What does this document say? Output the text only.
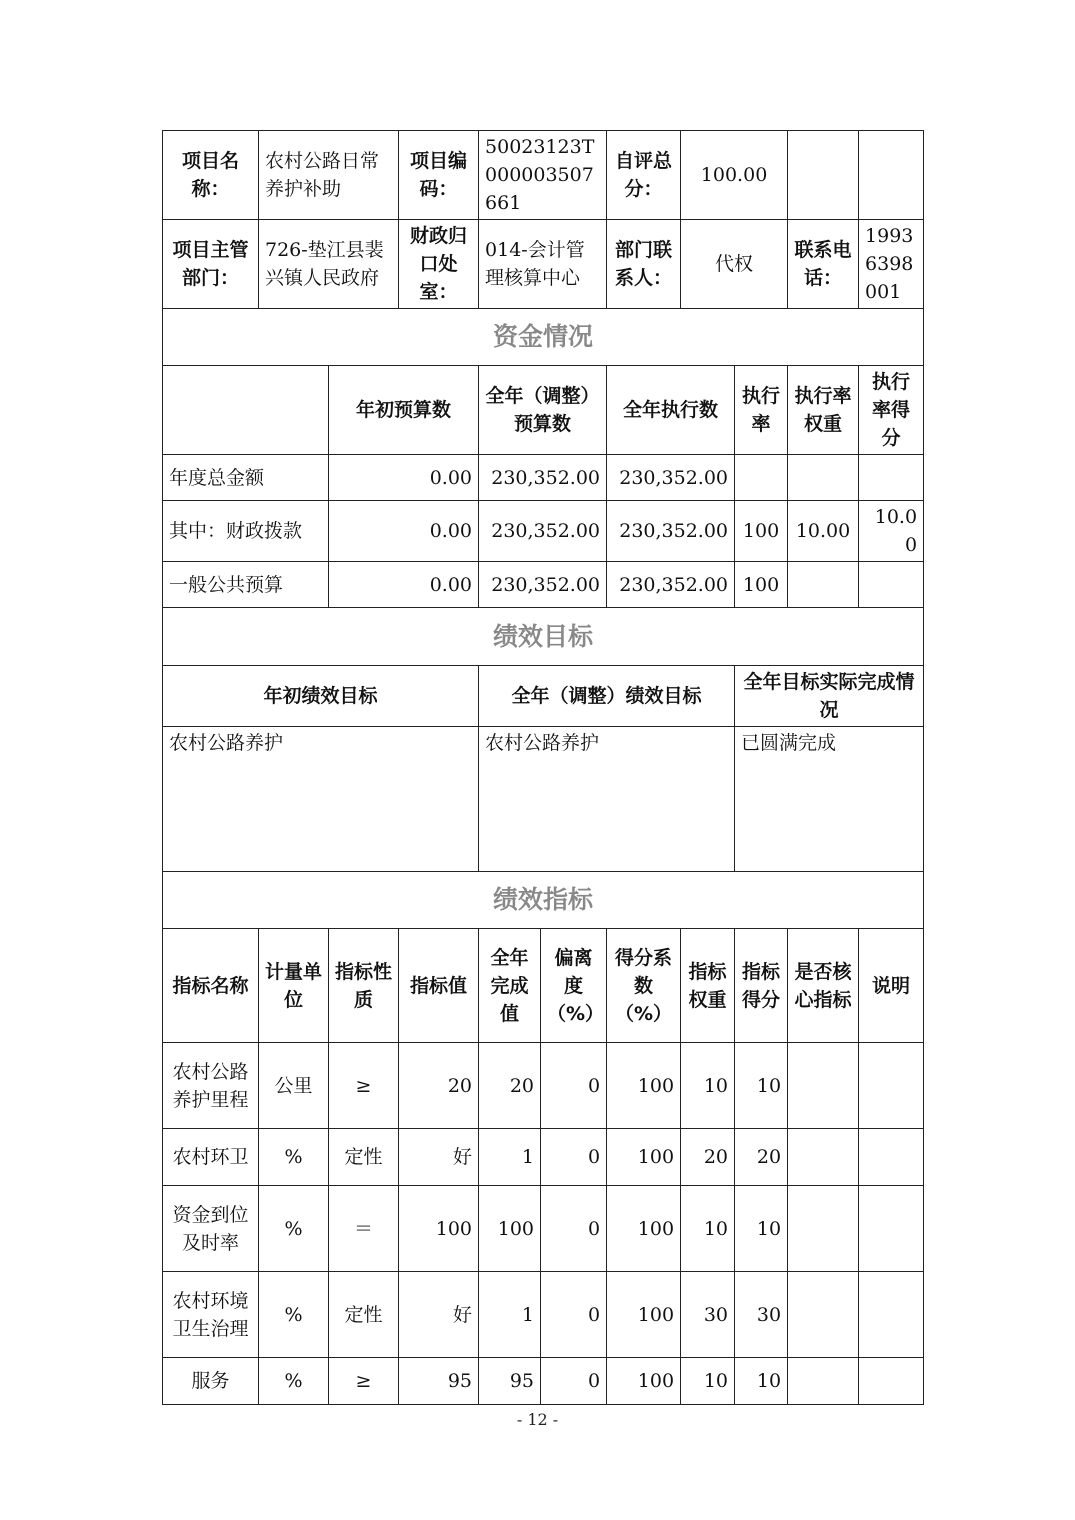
项目名称：	农村公路日常养护补助		项目编码：	50023123T000003507661		自评总分：	100.00			
项目主管部门：	726-垫江县裴兴镇人民政府		财政归口处室：	014-会计管理核算中心		部门联系人：	代权		联系电话：	19936398001
资金情况										
		年初预算数		全年（调整）预算数		全年执行数		执行率	执行率权重	执行率得分
年度总金额		0.00		230,352.00		230,352.00				
其中：财政拨款		0.00		230,352.00		230,352.00		100	10.00	10.00
一般公共预算		0.00		230,352.00		230,352.00		100		
绩效目标										
年初绩效目标				全年（调整）绩效目标				全年目标实际完成情况		
农村公路养护				农村公路养护				已圆满完成		
绩效指标										
指标名称	计量单位	指标性质	指标值	全年完成值	偏离度（%）	得分系数（%）	指标权重	指标得分	是否核心指标	说明
农村公路养护里程	公里	≥	20	20	0	100	10	10		
农村环卫	%	定性	好	1	0	100	20	20		
资金到位及时率	%	＝	100	100	0	100	10	10		
农村环境卫生治理	%	定性	好	1	0	100	30	30		
服务	%	≥	95	95	0	100	10	10		
- 12 -
